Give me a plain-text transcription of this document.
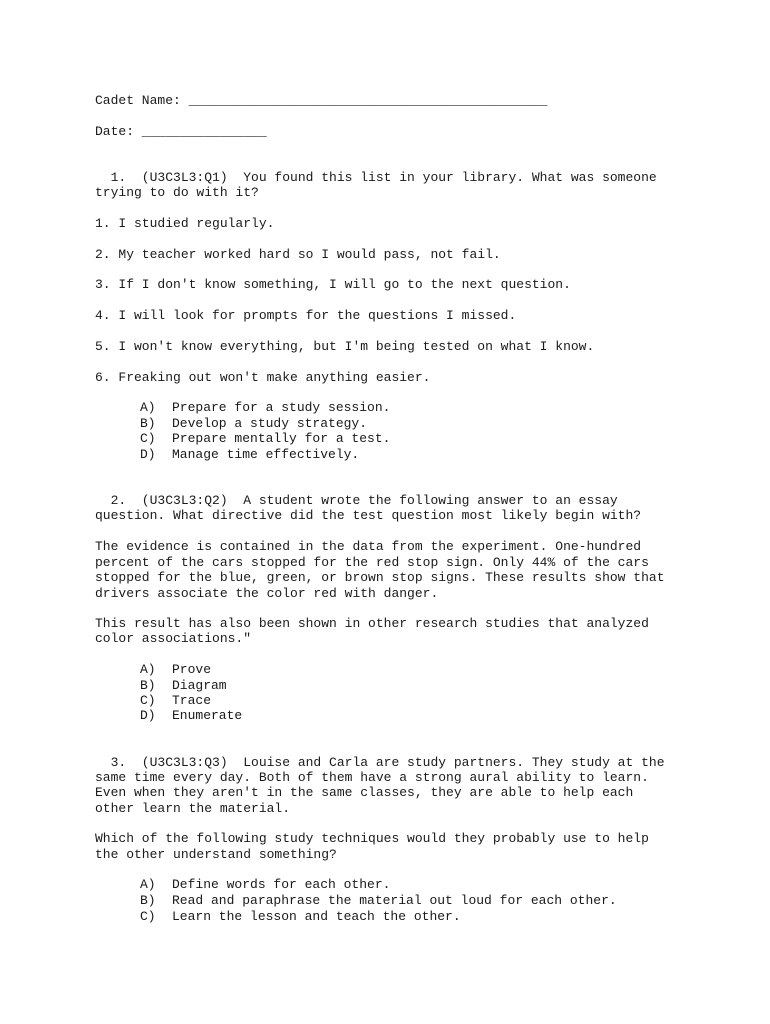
Cadet Name: ______________________________________________
Date: ________________
1.  (U3C3L3:Q1)  You found this list in your library. What was someone
trying to do with it?
1. I studied regularly.
2. My teacher worked hard so I would pass, not fail.
3. If I don't know something, I will go to the next question.
4. I will look for prompts for the questions I missed.
5. I won't know everything, but I'm being tested on what I know.
6. Freaking out won't make anything easier.
A) Prepare for a study session.
B) Develop a study strategy.
C) Prepare mentally for a test.
D) Manage time effectively.
2.  (U3C3L3:Q2)  A student wrote the following answer to an essay
question. What directive did the test question most likely begin with?
The evidence is contained in the data from the experiment. One-hundred
percent of the cars stopped for the red stop sign. Only 44% of the cars
stopped for the blue, green, or brown stop signs. These results show that
drivers associate the color red with danger.
This result has also been shown in other research studies that analyzed
color associations."
A) Prove
B) Diagram
C) Trace
D) Enumerate
3.  (U3C3L3:Q3)  Louise and Carla are study partners. They study at the
same time every day. Both of them have a strong aural ability to learn.
Even when they aren't in the same classes, they are able to help each
other learn the material.
Which of the following study techniques would they probably use to help
the other understand something?
A) Define words for each other.
B) Read and paraphrase the material out loud for each other.
C) Learn the lesson and teach the other.
